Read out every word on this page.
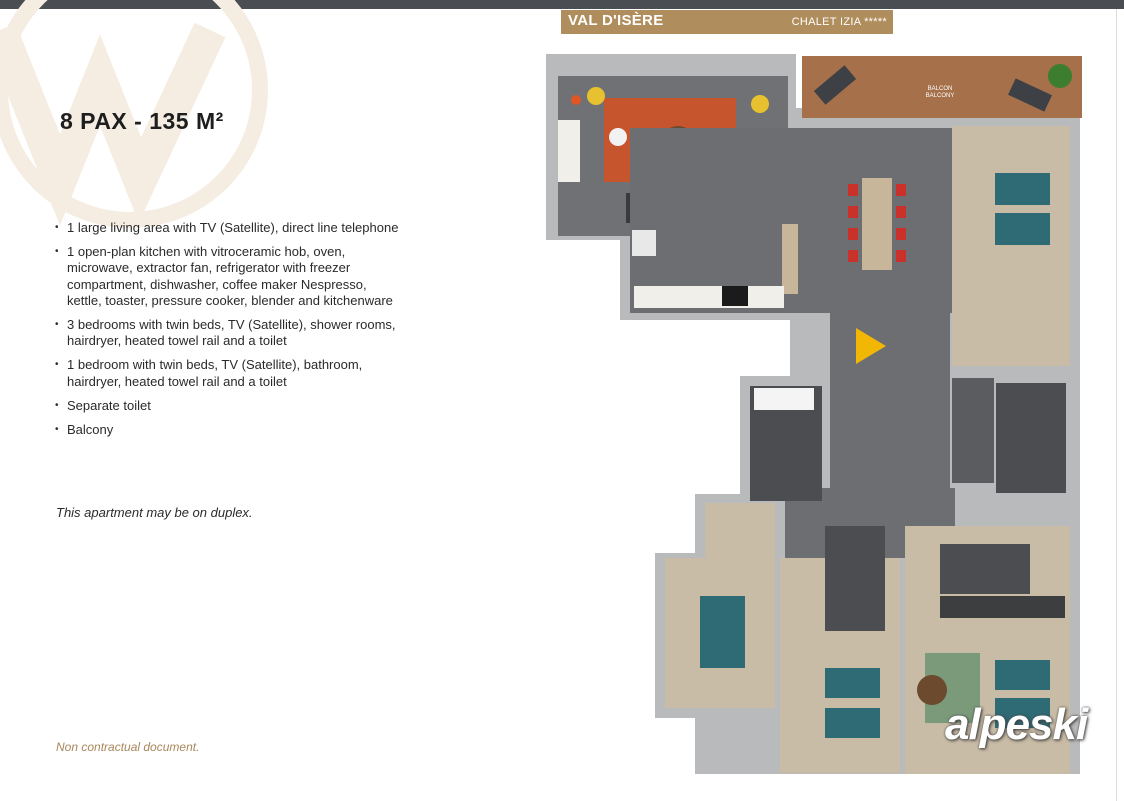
8 PAX - 135 M²
• 1 large living area with TV (Satellite), direct line telephone
• 1 open-plan kitchen with vitroceramic hob, oven, microwave, extractor fan, refrigerator with freezer compartment, dishwasher, coffee maker Nespresso, kettle, toaster, pressure cooker, blender and kitchenware
• 3 bedrooms with twin beds, TV (Satellite), shower rooms, hairdryer, heated towel rail and a toilet
• 1 bedroom with twin beds, TV (Satellite), bathroom, hairdryer, heated towel rail and a toilet
• Separate toilet
• Balcony
This apartment may be on duplex.
Non contractual document.
VAL D'ISÈRE	CHALET IZIA *****
BALCON
BALCONY
alpeski
